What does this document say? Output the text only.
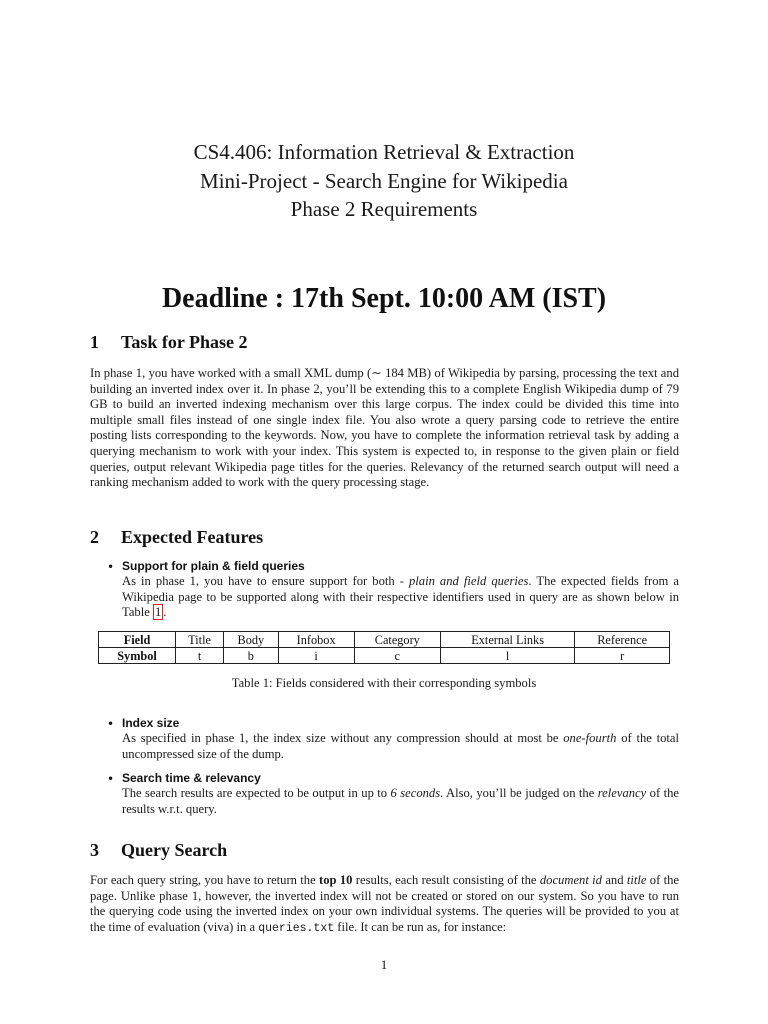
CS4.406: Information Retrieval & Extraction
Mini-Project - Search Engine for Wikipedia
Phase 2 Requirements
Deadline : 17th Sept. 10:00 AM (IST)
1 Task for Phase 2
In phase 1, you have worked with a small XML dump (∼ 184 MB) of Wikipedia by parsing, processing the text and building an inverted index over it. In phase 2, you’ll be extending this to a complete English Wikipedia dump of 79 GB to build an inverted indexing mechanism over this large corpus. The index could be divided this time into multiple small files instead of one single index file. You also wrote a query parsing code to retrieve the entire posting lists corresponding to the keywords. Now, you have to complete the information retrieval task by adding a querying mechanism to work with your index. This system is expected to, in response to the given plain or field queries, output relevant Wikipedia page titles for the queries. Relevancy of the returned search output will need a ranking mechanism added to work with the query processing stage.
2 Expected Features
• Support for plain & field queries
As in phase 1, you have to ensure support for both - plain and field queries. The expected fields from a Wikipedia page to be supported along with their respective identifiers used in query are as shown below in Table 1 .
Field	Title	Body	Infobox	Category	External Links	Reference
Symbol	t	b	i	c	l	r
Table 1: Fields considered with their corresponding symbols
• Index size
As specified in phase 1, the index size without any compression should at most be one-fourth of the total uncompressed size of the dump.
• Search time & relevancy
The search results are expected to be output in up to 6 seconds. Also, you’ll be judged on the relevancy of the results w.r.t. query.
3 Query Search
For each query string, you have to return the top 10 results, each result consisting of the document id and title of the page. Unlike phase 1, however, the inverted index will not be created or stored on our system. So you have to run the querying code using the inverted index on your own individual systems. The queries will be provided to you at the time of evaluation (viva) in a queries.txt file. It can be run as, for instance:
1
